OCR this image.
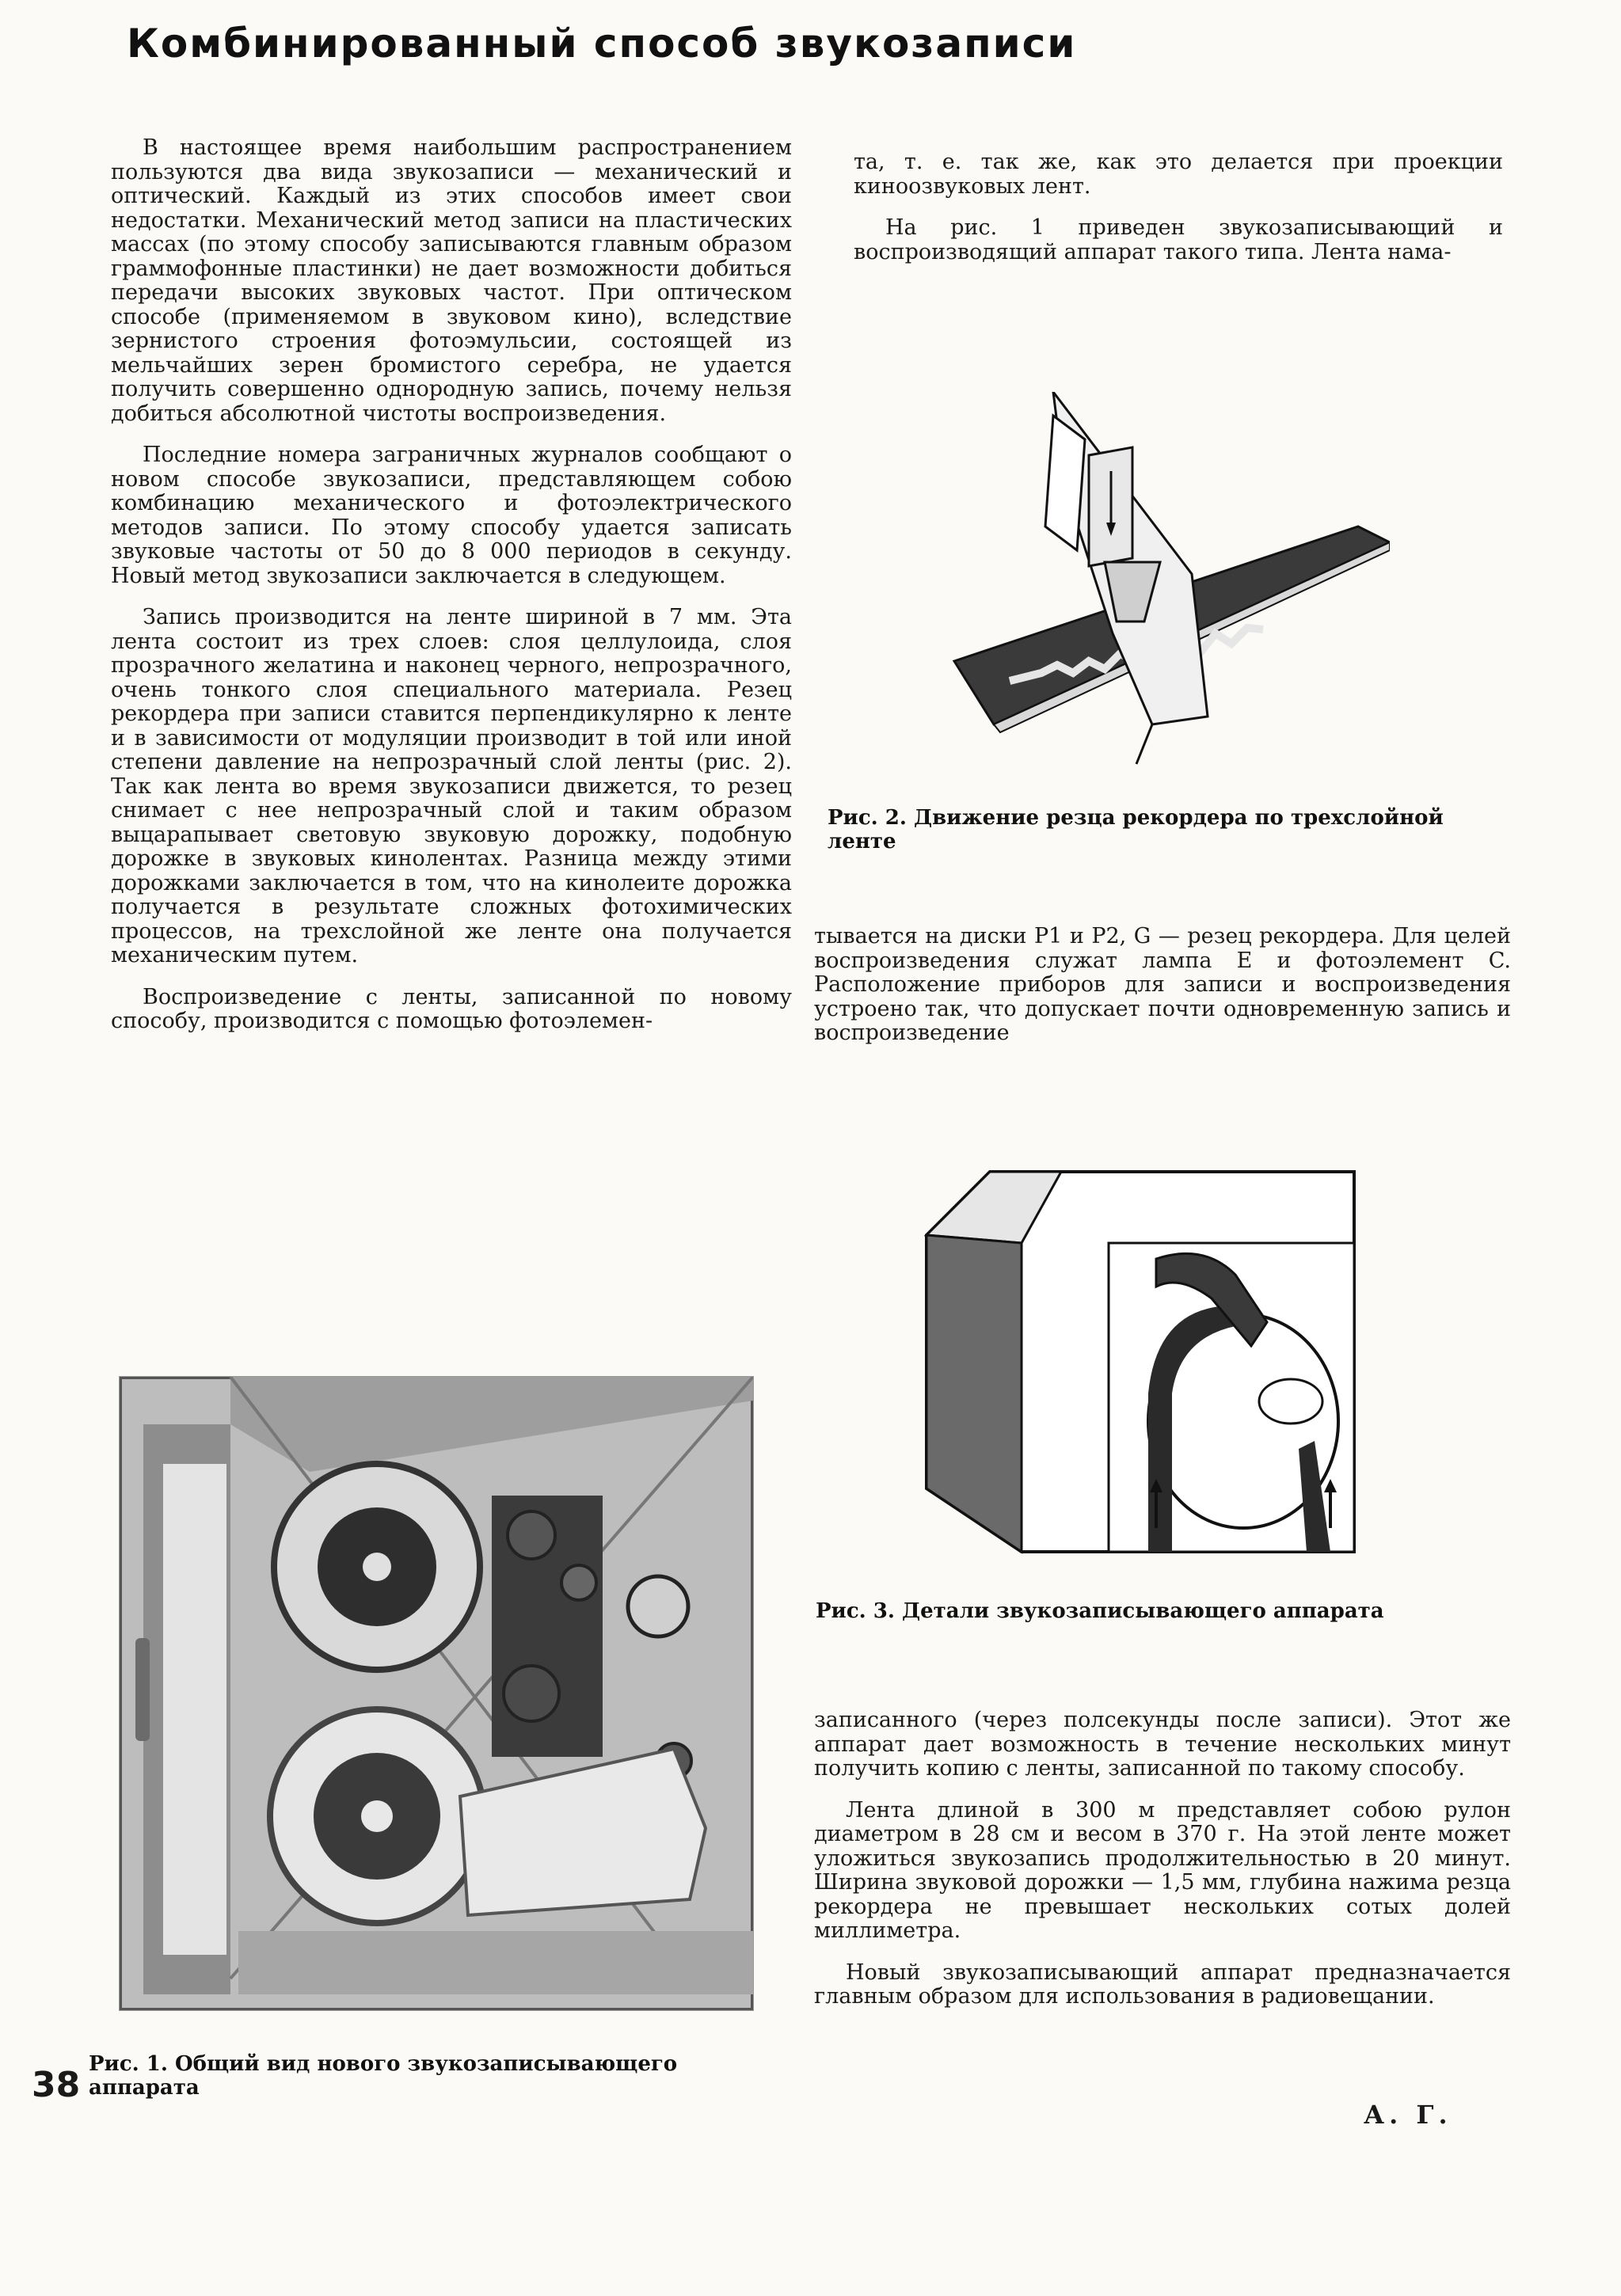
Комбинированный способ звукозаписи

В настоящее время наибольшим распространением пользуются два вида звукозаписи — механический и оптический. Каждый из этих способов имеет свои недостатки. Механический метод записи на пластических массах (по этому способу записываются главным образом граммофонные пластинки) не дает возможности добиться передачи высоких звуковых частот. При оптическом способе (применяемом в звуковом кино), вследствие зернистого строения фотоэмульсии, состоящей из мельчайших зерен бромистого серебра, не удается получить совершенно однородную запись, почему нельзя добиться абсолютной чистоты воспроизведения.

Последние номера заграничных журналов сообщают о новом способе звукозаписи, представляющем собою комбинацию механического и фотоэлектрического методов записи. По этому способу удается записать звуковые частоты от 50 до 8 000 периодов в секунду. Новый метод звукозаписи заключается в следующем.

Запись производится на ленте шириной в 7 мм. Эта лента состоит из трех слоев: слоя целлулоида, слоя прозрачного желатина и наконец черного, непрозрачного, очень тонкого слоя специального материала. Резец рекордера при записи ставится перпендикулярно к ленте и в зависимости от модуляции производит в той или иной степени давление на непрозрачный слой ленты (рис. 2). Так как лента во время звукозаписи движется, то резец снимает с нее непрозрачный слой и таким образом выцарапывает световую звуковую дорожку, подобную дорожке в звуковых кинолентах. Разница между этими дорожками заключается в том, что на кинолеите дорожка получается в результате сложных фотохимических процессов, на трехслойной же ленте она получается механическим путем.

Воспроизведение с ленты, записанной по новому способу, производится с помощью фотоэлемен-

та, т. е. так же, как это делается при проекции киноозвуковых лент.

На рис. 1 приведен звукозаписывающий и воспроизводящий аппарат такого типа. Лента нама-

Рис. 2. Движение резца рекордера по трехслойной ленте

тывается на диски P1 и P2, G — резец рекордера. Для целей воспроизведения служат лампа E и фотоэлемент C. Расположение приборов для записи и воспроизведения устроено так, что допускает почти одновременную запись и воспроизведение

Рис. 3. Детали звукозаписывающего аппарата

записанного (через полсекунды после записи). Этот же аппарат дает возможность в течение нескольких минут получить копию с ленты, записанной по такому способу.

Лента длиной в 300 м представляет собою рулон диаметром в 28 см и весом в 370 г. На этой ленте может уложиться звукозапись продолжительностью в 20 минут. Ширина звуковой дорожки — 1,5 мм, глубина нажима резца рекордера не превышает нескольких сотых долей миллиметра.

Новый звукозаписывающий аппарат предназначается главным образом для использования в радиовещании.

Рис. 1. Общий вид нового звукозаписывающего аппарата
38
А. Г.
